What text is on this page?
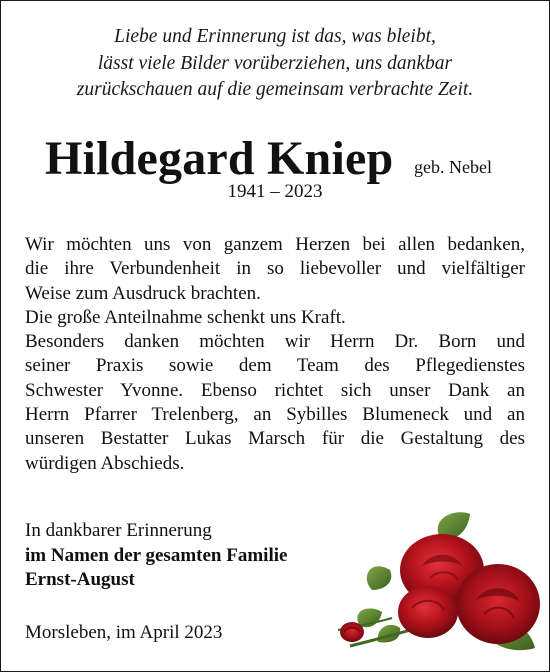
Liebe und Erinnerung ist das, was bleibt,
lässt viele Bilder vorüberziehen, uns dankbar
zurückschauen auf die gemeinsam verbrachte Zeit.
Hildegard Kniep geb. Nebel
1941 – 2023
Wir möchten uns von ganzem Herzen bei allen bedanken,
die ihre Verbundenheit in so liebevoller und vielfältiger
Weise zum Ausdruck brachten.
Die große Anteilnahme schenkt uns Kraft.
Besonders danken möchten wir Herrn Dr. Born und
seiner Praxis sowie dem Team des Pflegedienstes
Schwester Yvonne. Ebenso richtet sich unser Dank an
Herrn Pfarrer Trelenberg, an Sybilles Blumeneck und an
unseren Bestatter Lukas Marsch für die Gestaltung des
würdigen Abschieds.
In dankbarer Erinnerung
im Namen der gesamten Familie
Ernst-August
Morsleben, im April 2023
